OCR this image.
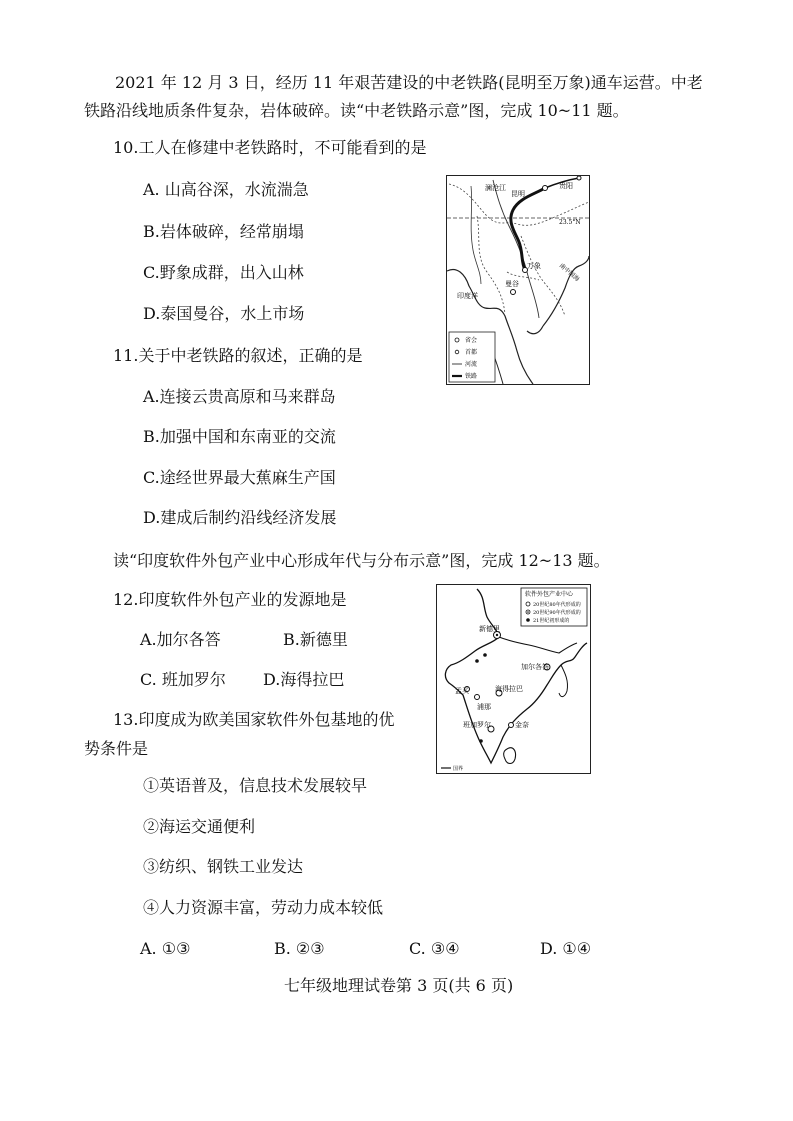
2021 年 12 月 3 日，经历 11 年艰苦建设的中老铁路(昆明至万象)通车运营。中老
铁路沿线地质条件复杂，岩体破碎。读“中老铁路示意”图，完成 10~11 题。
10.工人在修建中老铁路时，不可能看到的是
A. 山高谷深，水流湍急
B.岩体破碎，经常崩塌
C.野象成群，出入山林
D.泰国曼谷，水上市场
11.关于中老铁路的叙述，正确的是
A.连接云贵高原和马来群岛
B.加强中国和东南亚的交流
C.途经世界最大蕉麻生产国
D.建成后制约沿线经济发展
读“印度软件外包产业中心形成年代与分布示意”图，完成 12~13 题。
12.印度软件外包产业的发源地是
A.加尔各答	B.新德里
C. 班加罗尔 D.海得拉巴
13.印度成为欧美国家软件外包基地的优
势条件是
①英语普及，信息技术发展较早
②海运交通便利
③纺织、钢铁工业发达
④人力资源丰富，劳动力成本较低
A. ①③	B. ②③	C. ③④	D. ①④
七年级地理试卷第 3 页(共 6 页)
澜沧江
昆明
贵阳
23.5°N
万象
曼谷
印度洋
南中国海
省会
首都
河流
铁路
新德里
加尔各答
孟买
浦那
海得拉巴
班加罗尔	金奈
软件外包产业中心
20世纪80年代形成的
20世纪90年代形成的
21世纪初形成的
国界
